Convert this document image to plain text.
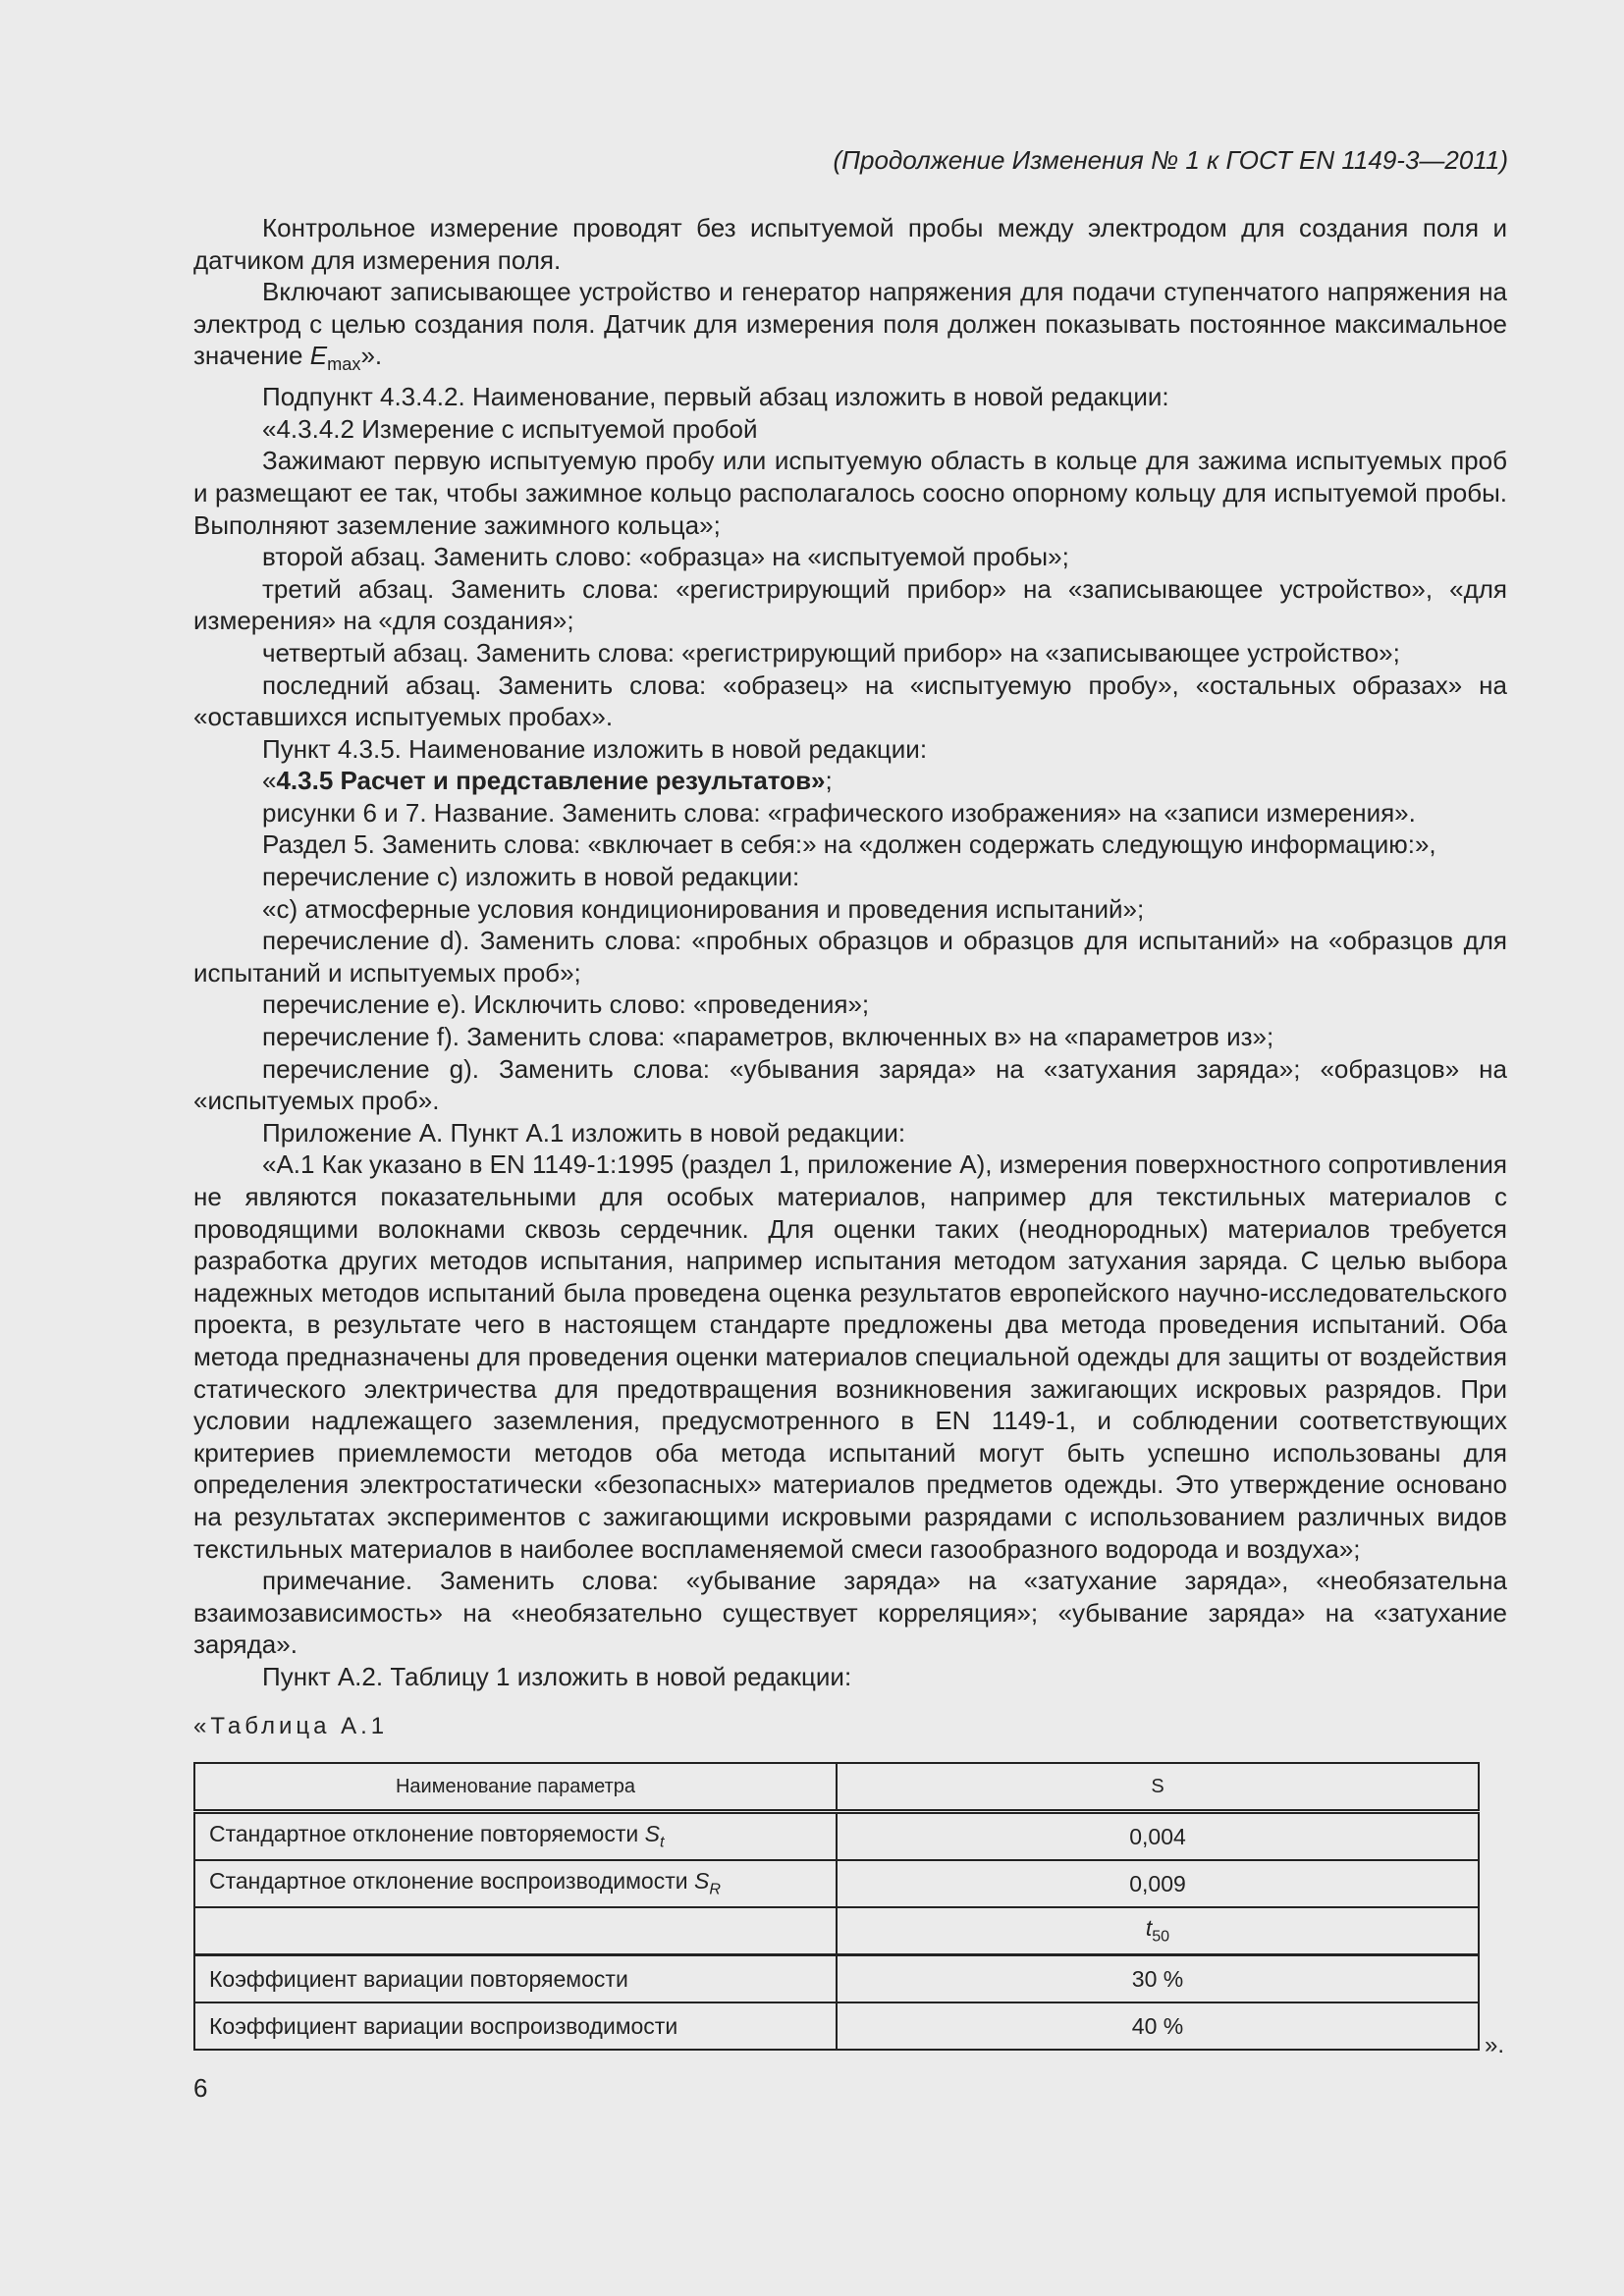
(Продолжение Изменения № 1 к ГОСТ EN 1149-3—2011)

Контрольное измерение проводят без испытуемой пробы между электродом для создания поля и датчиком для измерения поля.

Включают записывающее устройство и генератор напряжения для подачи ступенчатого напряжения на электрод с целью создания поля. Датчик для измерения поля должен показывать постоянное максимальное значение $E_{max}$».

Подпункт 4.3.4.2. Наименование, первый абзац изложить в новой редакции:

«4.3.4.2 Измерение с испытуемой пробой

Зажимают первую испытуемую пробу или испытуемую область в кольце для зажима испытуемых проб и размещают ее так, чтобы зажимное кольцо располагалось соосно опорному кольцу для испытуемой пробы. Выполняют заземление зажимного кольца»;

второй абзац. Заменить слово: «образца» на «испытуемой пробы»;

третий абзац. Заменить слова: «регистрирующий прибор» на «записывающее устройство», «для измерения» на «для создания»;

четвертый абзац. Заменить слова: «регистрирующий прибор» на «записывающее устройство»;

последний абзац. Заменить слова: «образец» на «испытуемую пробу», «остальных образах» на «оставшихся испытуемых пробах».

Пункт 4.3.5. Наименование изложить в новой редакции:

«4.3.5 Расчет и представление результатов»;

рисунки 6 и 7. Название. Заменить слова: «графического изображения» на «записи измерения».

Раздел 5. Заменить слова: «включает в себя:» на «должен содержать следующую информацию:»,

перечисление с) изложить в новой редакции:

«с) атмосферные условия кондиционирования и проведения испытаний»;

перечисление d). Заменить слова: «пробных образцов и образцов для испытаний» на «образцов для испытаний и испытуемых проб»;

перечисление е). Исключить слово: «проведения»;

перечисление f). Заменить слова: «параметров, включенных в» на «параметров из»;

перечисление g). Заменить слова: «убывания заряда» на «затухания заряда»; «образцов» на «испытуемых проб».

Приложение А. Пункт А.1 изложить в новой редакции:

«А.1 Как указано в EN 1149-1:1995 (раздел 1, приложение А), измерения поверхностного сопротивления не являются показательными для особых материалов, например для текстильных материалов с проводящими волокнами сквозь сердечник. Для оценки таких (неоднородных) материалов требуется разработка других методов испытания, например испытания методом затухания заряда. С целью выбора надежных методов испытаний была проведена оценка результатов европейского научно-исследовательского проекта, в результате чего в настоящем стандарте предложены два метода проведения испытаний. Оба метода предназначены для проведения оценки материалов специальной одежды для защиты от воздействия статического электричества для предотвращения возникновения зажигающих искровых разрядов. При условии надлежащего заземления, предусмотренного в EN 1149-1, и соблюдении соответствующих критериев приемлемости методов оба метода испытаний могут быть успешно использованы для определения электростатически «безопасных» материалов предметов одежды. Это утверждение основано на результатах экспериментов с зажигающими искровыми разрядами с использованием различных видов текстильных материалов в наиболее воспламеняемой смеси газообразного водорода и воздуха»;

примечание. Заменить слова: «убывание заряда» на «затухание заряда», «необязательна взаимозависимость» на «необязательно существует корреляция»; «убывание заряда» на «затухание заряда».

Пункт А.2. Таблицу 1 изложить в новой редакции:

«Таблица А.1
Наименование параметра	S
Стандартное отклонение повторяемости $S_t$	0,004
Стандартное отклонение воспроизводимости $S_R$	0,009
	$t_{50}$
Коэффициент вариации повторяемости	30 %
Коэффициент вариации воспроизводимости	40 %
».
6
